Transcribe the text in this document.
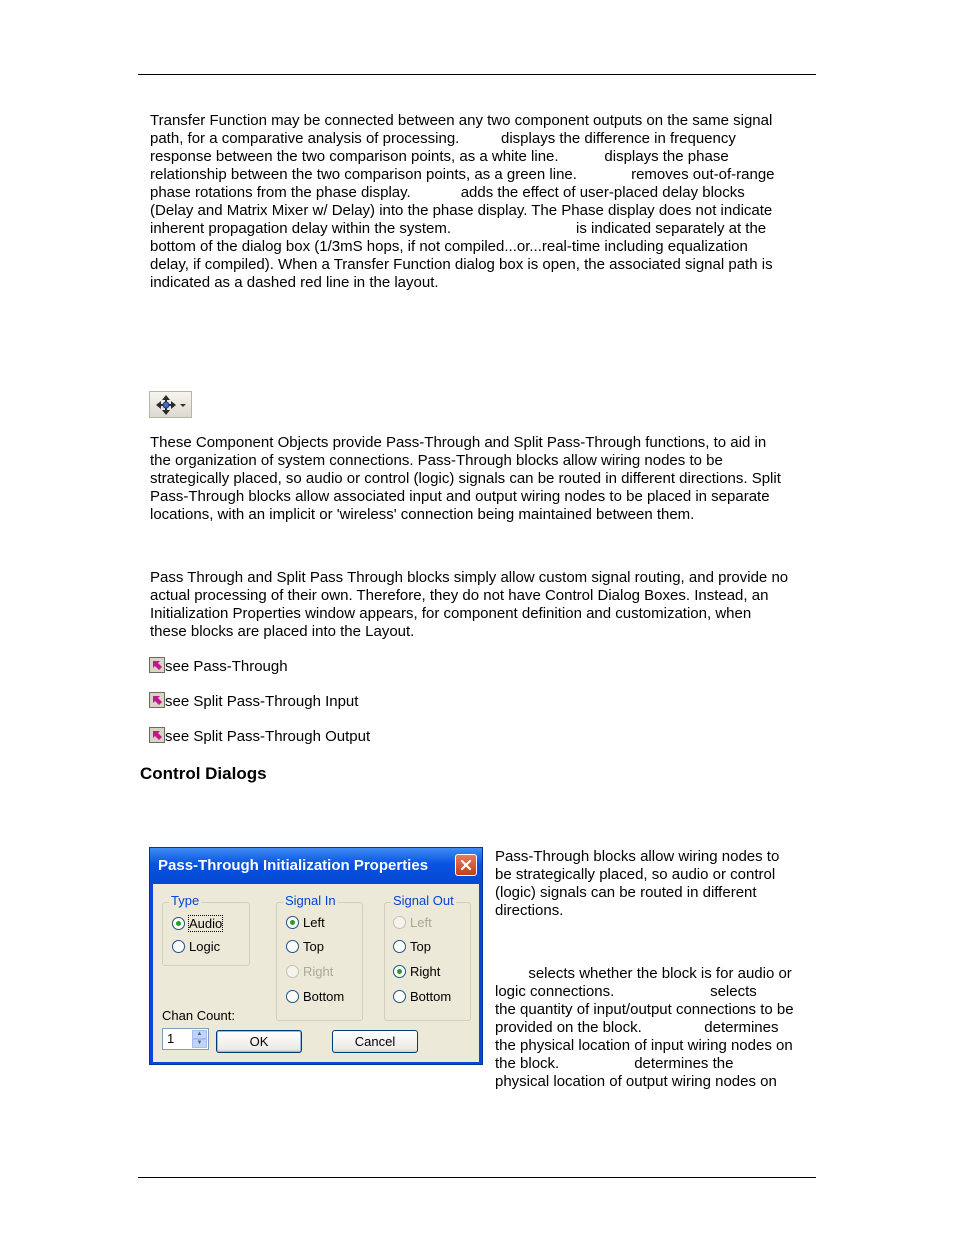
Transfer Function may be connected between any two component outputs on the same signal
path, for a comparative analysis of processing.          displays the difference in frequency
response between the two comparison points, as a white line.           displays the phase
relationship between the two comparison points, as a green line.             removes out-of-range
phase rotations from the phase display.            adds the effect of user-placed delay blocks
(Delay and Matrix Mixer w/ Delay) into the phase display. The Phase display does not indicate
inherent propagation delay within the system.                              is indicated separately at the
bottom of the dialog box (1/3mS hops, if not compiled...or...real-time including equalization
delay, if compiled). When a Transfer Function dialog box is open, the associated signal path is
indicated as a dashed red line in the layout.
These Component Objects provide Pass-Through and Split Pass-Through functions, to aid in
the organization of system connections. Pass-Through blocks allow wiring nodes to be
strategically placed, so audio or control (logic) signals can be routed in different directions. Split
Pass-Through blocks allow associated input and output wiring nodes to be placed in separate
locations, with an implicit or 'wireless' connection being maintained between them.
Pass Through and Split Pass Through blocks simply allow custom signal routing, and provide no
actual processing of their own. Therefore, they do not have Control Dialog Boxes. Instead, an
Initialization Properties window appears, for component definition and customization, when
these blocks are placed into the Layout.
see Pass-Through
see Split Pass-Through Input
see Split Pass-Through Output
Control Dialogs
Pass-Through Initialization Properties
Type
Audio
Logic
Chan Count:
1	▲
▼
Signal In
Left
Top
Right
Bottom
Signal Out
Left
Top
Right
Bottom
OK	Cancel
Pass-Through blocks allow wiring nodes to
be strategically placed, so audio or control
(logic) signals can be routed in different
directions.
selects whether the block is for audio or
logic connections.                       selects
the quantity of input/output connections to be
provided on the block.               determines
the physical location of input wiring nodes on
the block.                  determines the
physical location of output wiring nodes on
